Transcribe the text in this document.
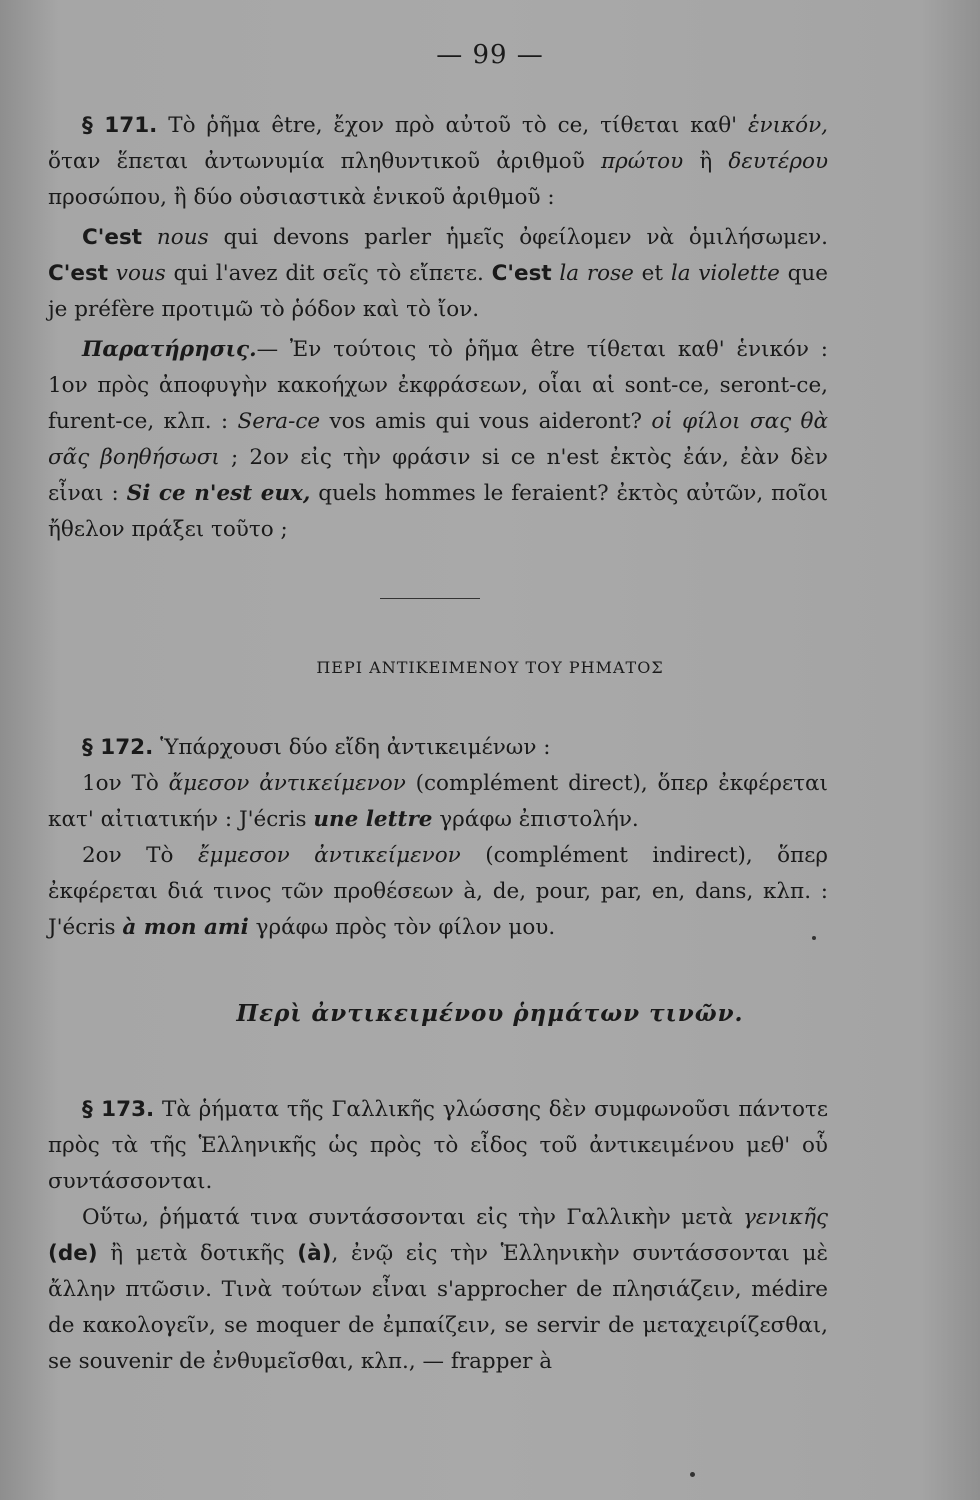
— 99 —

§ 171. Τὸ ῥῆμα être, ἔχον πρὸ αὐτοῦ τὸ ce, τίθεται καθ' ἑνικόν, ὅταν ἕπεται ἀντωνυμία πληθυντικοῦ ἀριθμοῦ πρώτου ἢ δευτέρου προσώπου, ἢ δύο οὐσιαστικὰ ἑνικοῦ ἀριθμοῦ :

C'est nous qui devons parler ἡμεῖς ὀφείλομεν νὰ ὁμιλήσωμεν. C'est vous qui l'avez dit σεῖς τὸ εἴπετε. C'est la rose et la violette que je préfère προτιμῶ τὸ ῥόδον καὶ τὸ ἴον.

Παρατήρησις.— Ἐν τούτοις τὸ ῥῆμα être τίθεται καθ' ἑνικόν : 1ον πρὸς ἀποφυγὴν κακοήχων ἐκφράσεων, οἷαι αἱ sont-ce, seront-ce, furent-ce, κλπ. : Sera-ce vos amis qui vous aideront? οἱ φίλοι σας θὰ σᾶς βοηθήσωσι ; 2ον εἰς τὴν φράσιν si ce n'est ἐκτὸς ἐάν, ἐὰν δὲν εἶναι : Si ce n'est eux, quels hommes le feraient? ἐκτὸς αὐτῶν, ποῖοι ἤθελον πράξει τοῦτο ;

ΠΕΡΙ ΑΝΤΙΚΕΙΜΕΝΟΥ ΤΟΥ ΡΗΜΑΤΟΣ

§ 172. Ὑπάρχουσι δύο εἴδη ἀντικειμένων :

1ον Τὸ ἄμεσον ἀντικείμενον (complément direct), ὅπερ ἐκφέρεται κατ' αἰτιατικήν : J'écris une lettre γράφω ἐπιστολήν.

2ον Τὸ ἔμμεσον ἀντικείμενον (complément indirect), ὅπερ ἐκφέρεται διά τινος τῶν προθέσεων à, de, pour, par, en, dans, κλπ. : J'écris à mon ami γράφω πρὸς τὸν φίλον μου.

Περὶ ἀντικειμένου ῥημάτων τινῶν.

§ 173. Τὰ ῥήματα τῆς Γαλλικῆς γλώσσης δὲν συμφωνοῦσι πάντοτε πρὸς τὰ τῆς Ἑλληνικῆς ὡς πρὸς τὸ εἶδος τοῦ ἀντικειμένου μεθ' οὗ συντάσσονται.

Οὕτω, ῥήματά τινα συντάσσονται εἰς τὴν Γαλλικὴν μετὰ γενικῆς (de) ἢ μετὰ δοτικῆς (à), ἐνῷ εἰς τὴν Ἑλληνικὴν συντάσσονται μὲ ἄλλην πτῶσιν. Τινὰ τούτων εἶναι s'approcher de πλησιάζειν, médire de κακολογεῖν, se moquer de ἐμπαίζειν, se servir de μεταχειρίζεσθαι, se souvenir de ἐνθυμεῖσθαι, κλπ., — frapper à
